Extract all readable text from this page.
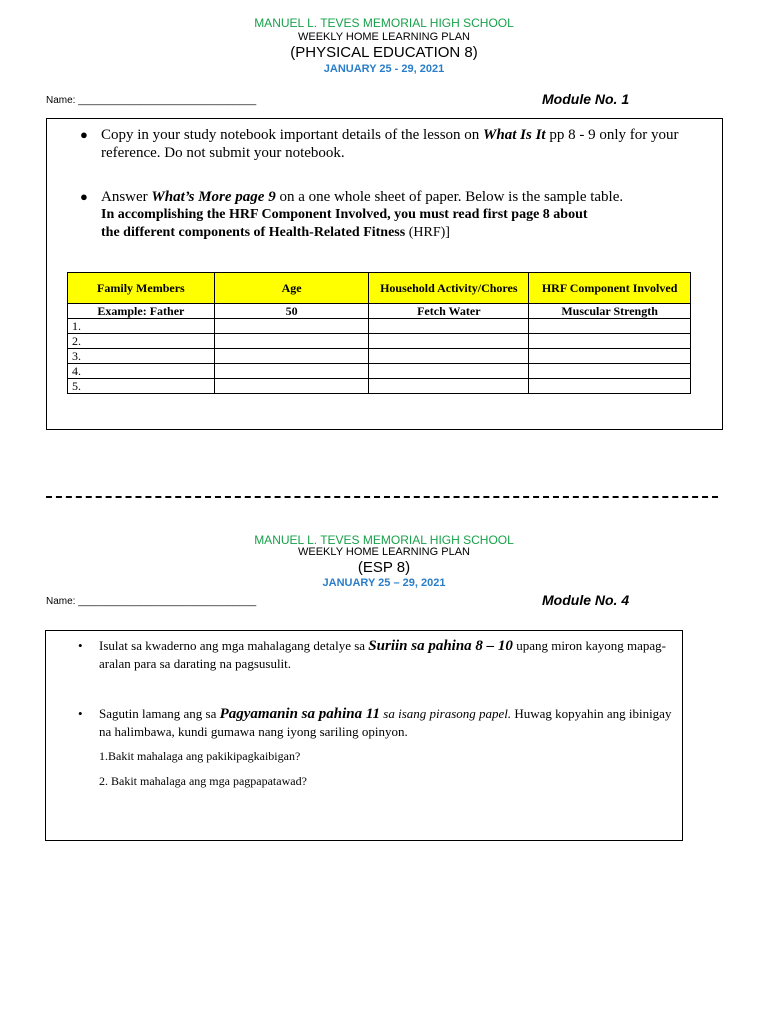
MANUEL L. TEVES MEMORIAL HIGH SCHOOL
WEEKLY HOME LEARNING PLAN
(PHYSICAL EDUCATION 8)
JANUARY 25 - 29, 2021
Name: ________________________________	Module No. 1
● Copy in your study notebook important details of the lesson on What Is It pp 8 - 9 only for your reference. Do not submit your notebook.
● Answer What’s More page 9 on a one whole sheet of paper. Below is the sample table.
In accomplishing the HRF Component Involved, you must read first page 8 about
the different components of Health-Related Fitness (HRF)]
Family Members	Age	Household Activity/Chores	HRF Component Involved
Example: Father	50	Fetch Water	Muscular Strength
1.			
2.			
3.			
4.			
5.			
MANUEL L. TEVES MEMORIAL HIGH SCHOOL
WEEKLY HOME LEARNING PLAN
(ESP 8)
JANUARY 25 – 29, 2021
Name: ________________________________	Module No. 4
• Isulat sa kwaderno ang mga mahalagang detalye sa Suriin sa pahina 8 – 10 upang miron kayong mapag-aralan para sa darating na pagsusulit.
• Sagutin lamang ang sa Pagyamanin sa pahina 11 sa isang pirasong papel. Huwag kopyahin ang ibinigay na halimbawa, kundi gumawa nang iyong sariling opinyon.
1.Bakit mahalaga ang pakikipagkaibigan?
2. Bakit mahalaga ang mga pagpapatawad?
